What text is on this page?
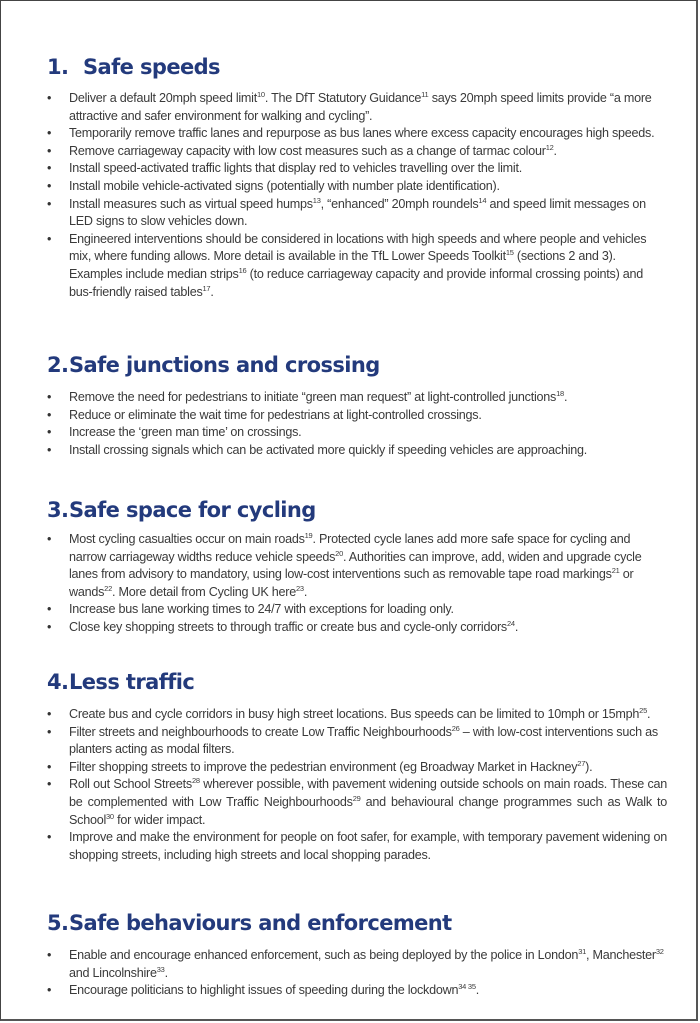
1. Safe speeds
•	Deliver a default 20mph speed limit$^{10}$. The DfT Statutory Guidance$^{11}$ says 20mph speed limits provide “a more attractive and safer environment for walking and cycling”.
•	Temporarily remove traffic lanes and repurpose as bus lanes where excess capacity encourages high speeds.
•	Remove carriageway capacity with low cost measures such as a change of tarmac colour$^{12}$.
•	Install speed-activated traffic lights that display red to vehicles travelling over the limit.
•	Install mobile vehicle-activated signs (potentially with number plate identification).
•	Install measures such as virtual speed humps$^{13}$, “enhanced” 20mph roundels$^{14}$ and speed limit messages on LED signs to slow vehicles down.
•	Engineered interventions should be considered in locations with high speeds and where people and vehicles mix, where funding allows. More detail is available in the TfL Lower Speeds Toolkit$^{15}$ (sections 2 and 3). Examples include median strips$^{16}$ (to reduce carriageway capacity and provide informal crossing points) and bus-friendly raised tables$^{17}$.
2.Safe junctions and crossing
•	Remove the need for pedestrians to initiate “green man request” at light-controlled junctions$^{18}$.
•	Reduce or eliminate the wait time for pedestrians at light-controlled crossings.
•	Increase the ‘green man time’ on crossings.
•	Install crossing signals which can be activated more quickly if speeding vehicles are approaching.
3.Safe space for cycling
•	Most cycling casualties occur on main roads$^{19}$. Protected cycle lanes add more safe space for cycling and narrow carriageway widths reduce vehicle speeds$^{20}$. Authorities can improve, add, widen and upgrade cycle lanes from advisory to mandatory, using low-cost interventions such as removable tape road markings$^{21}$ or wands$^{22}$. More detail from Cycling UK here$^{23}$.
•	Increase bus lane working times to 24/7 with exceptions for loading only.
•	Close key shopping streets to through traffic or create bus and cycle-only corridors$^{24}$.
4.Less traffic
•	Create bus and cycle corridors in busy high street locations. Bus speeds can be limited to 10mph or 15mph$^{25}$.
•	Filter streets and neighbourhoods to create Low Traffic Neighbourhoods$^{26}$ – with low-cost interventions such as planters acting as modal filters.
•	Filter shopping streets to improve the pedestrian environment (eg Broadway Market in Hackney$^{27}$).
•	Roll out School Streets$^{28}$ wherever possible, with pavement widening outside schools on main roads. These can be complemented with Low Traffic Neighbourhoods$^{29}$ and behavioural change programmes such as Walk to School$^{30}$ for wider impact.
•	Improve and make the environment for people on foot safer, for example, with temporary pavement widening on shopping streets, including high streets and local shopping parades.
5.Safe behaviours and enforcement
•	Enable and encourage enhanced enforcement, such as being deployed by the police in London$^{31}$, Manchester$^{32}$ and Lincolnshire$^{33}$.
•	Encourage politicians to highlight issues of speeding during the lockdown$^{34 35}$.
